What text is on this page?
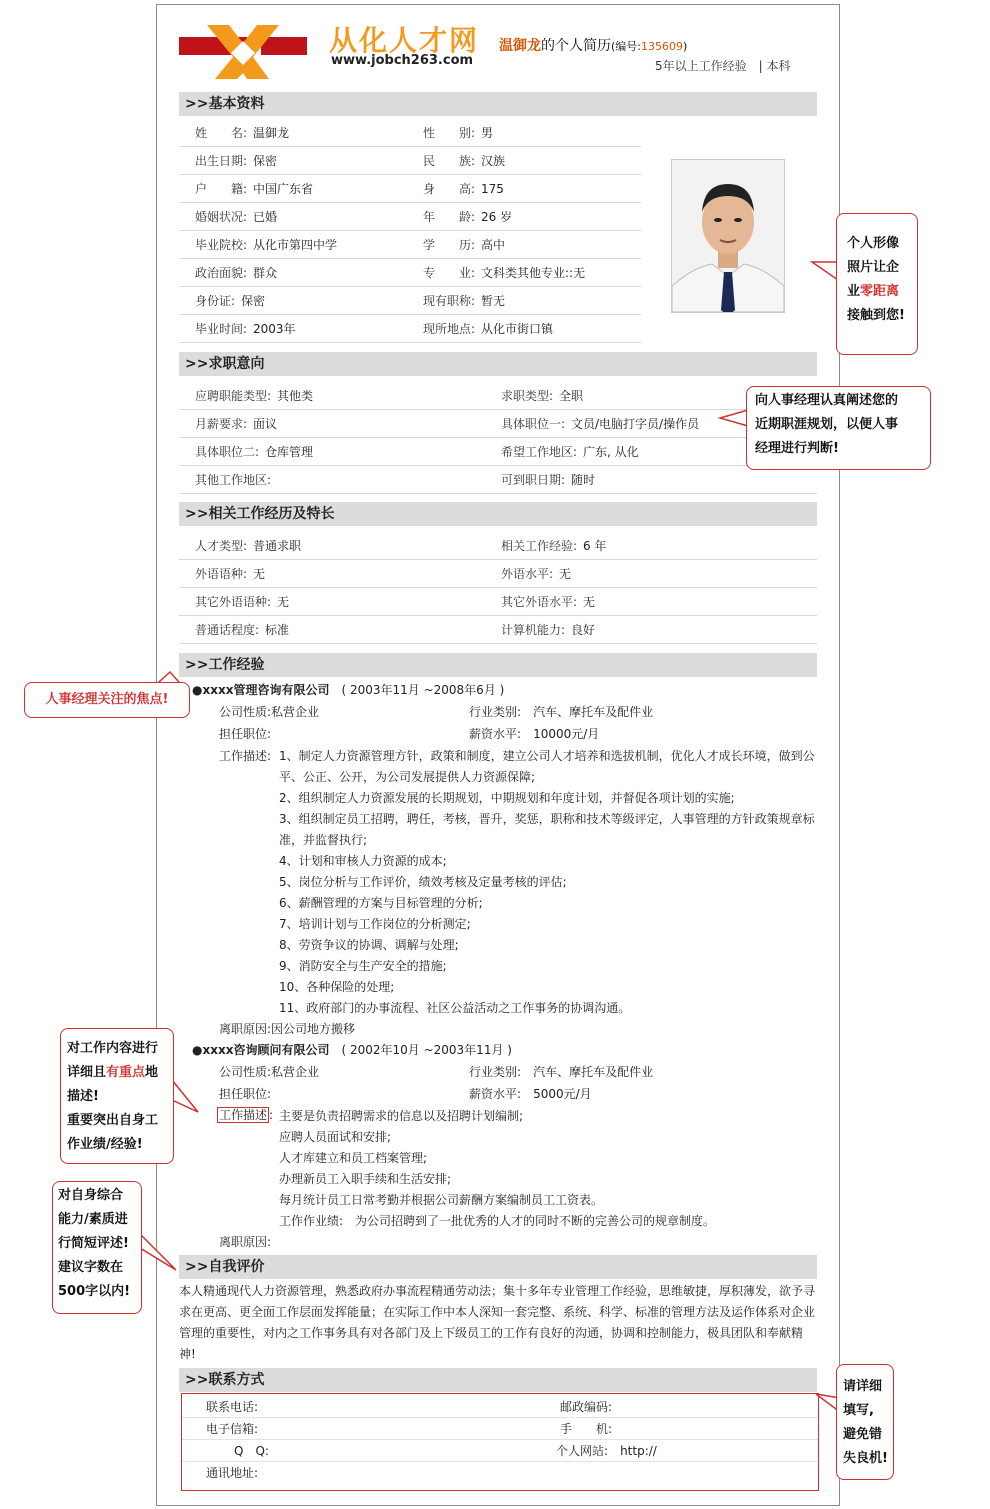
从化人才网
www.jobch263.com
温御龙的个人简历(编号:135609)
5年以上工作经验　 | 本科
>>基本资料
姓　　名: 温御龙	性　　别: 男
出生日期: 保密	民　　族: 汉族
户　　籍: 中国广东省	身　　高: 175
婚姻状况: 已婚	年　　龄: 26 岁
毕业院校: 从化市第四中学	学　　历: 高中
政治面貌: 群众	专　　业: 文科类其他专业::无
身份证: 保密	现有职称: 暂无
毕业时间: 2003年	现所地点: 从化市街口镇
>>求职意向
应聘职能类型: 其他类	求职类型: 全职
月薪要求: 面议	具体职位一: 文员/电脑打字员/操作员
具体职位二: 仓库管理	希望工作地区: 广东, 从化
其他工作地区:	可到职日期: 随时
>>相关工作经历及特长
人才类型: 普通求职	相关工作经验: 6 年
外语语种: 无	外语水平: 无
其它外语语种: 无	其它外语水平: 无
普通话程度: 标准	计算机能力: 良好
>>工作经验
●xxxx管理咨询有限公司　 ( 2003年11月 ~2008年6月 )
公司性质:私营企业	行业类别:　 汽车、摩托车及配件业
担任职位:	薪资水平:　 10000元/月
工作描述: 1、制定人力资源管理方针，政策和制度，建立公司人才培养和选拔机制，优化人才成长环境，做到公
平、公正、公开，为公司发展提供人力资源保障;
2、组织制定人力资源发展的长期规划，中期规划和年度计划，并督促各项计划的实施;
3、组织制定员工招聘，聘任，考核，晋升，奖惩，职称和技术等级评定，人事管理的方针政策规章标
准，并监督执行;
4、计划和审核人力资源的成本;
5、岗位分析与工作评价，绩效考核及定量考核的评估;
6、薪酬管理的方案与目标管理的分析;
7、培训计划与工作岗位的分析测定;
8、劳资争议的协调、调解与处理;
9、消防安全与生产安全的措施;
10、各种保险的处理;
11、政府部门的办事流程、社区公益活动之工作事务的协调沟通。
离职原因:因公司地方搬移
●xxxx咨询顾问有限公司　 ( 2002年10月 ~2003年11月 )
公司性质:私营企业	行业类别:　 汽车、摩托车及配件业
担任职位:	薪资水平:　 5000元/月
工作描述 : 主要是负责招聘需求的信息以及招聘计划编制;
应聘人员面试和安排;
人才库建立和员工档案管理;
办理新员工入职手续和生活安排;
每月统计员工日常考勤并根据公司薪酬方案编制员工工资表。
工作作业绩:　为公司招聘到了一批优秀的人才的同时不断的完善公司的规章制度。
离职原因:
>>自我评价
本人精通现代人力资源管理，熟悉政府办事流程精通劳动法；集十多年专业管理工作经验，思维敏捷，厚积薄发，欲予寻求在更高、更全面工作层面发挥能量；在实际工作中本人深知一套完整、系统、科学、标准的管理方法及运作体系对企业管理的重要性，对内之工作事务具有对各部门及上下级员工的工作有良好的沟通，协调和控制能力，极具团队和奉献精神!
>>联系方式
联系电话:	邮政编码:
电子信箱:	手　　机:
Q　Q:	个人网站:　 http://
通讯地址:
个人形像
照片让企
业零距离
接触到您!
向人事经理认真阐述您的
近期职涯规划，以便人事
经理进行判断!
人事经理关注的焦点!
对工作内容进行
详细且有重点地
描述!
重要突出自身工
作业绩/经验!
对自身综合
能力/素质进
行简短评述!
建议字数在
500字以内!
请详细
填写,
避免错
失良机!
